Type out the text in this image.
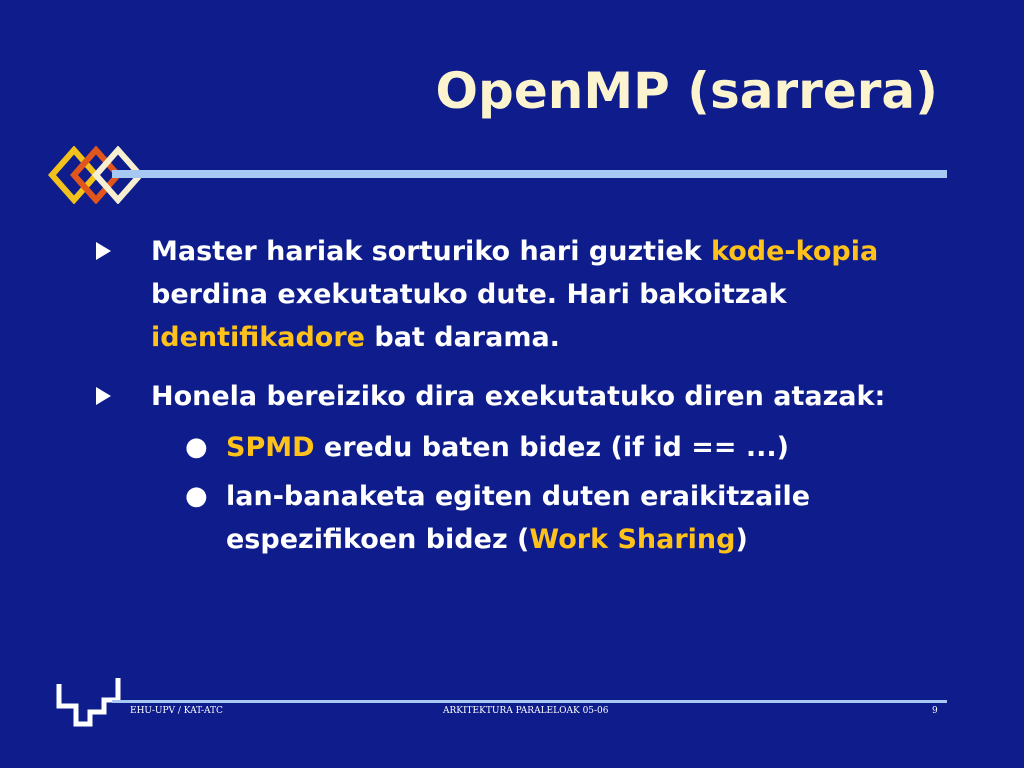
OpenMP (sarrera)
Master hariak sorturiko hari guztiek kode-kopia berdina exekutatuko dute. Hari bakoitzak identifikadore bat darama.
Honela bereiziko dira exekutatuko diren atazak:
● SPMD eredu baten bidez (if id == ...)
● lan-banaketa egiten duten eraikitzaile espezifikoen bidez (Work Sharing)
EHU-UPV / KAT-ATC	ARKITEKTURA PARALELOAK 05-06	9
